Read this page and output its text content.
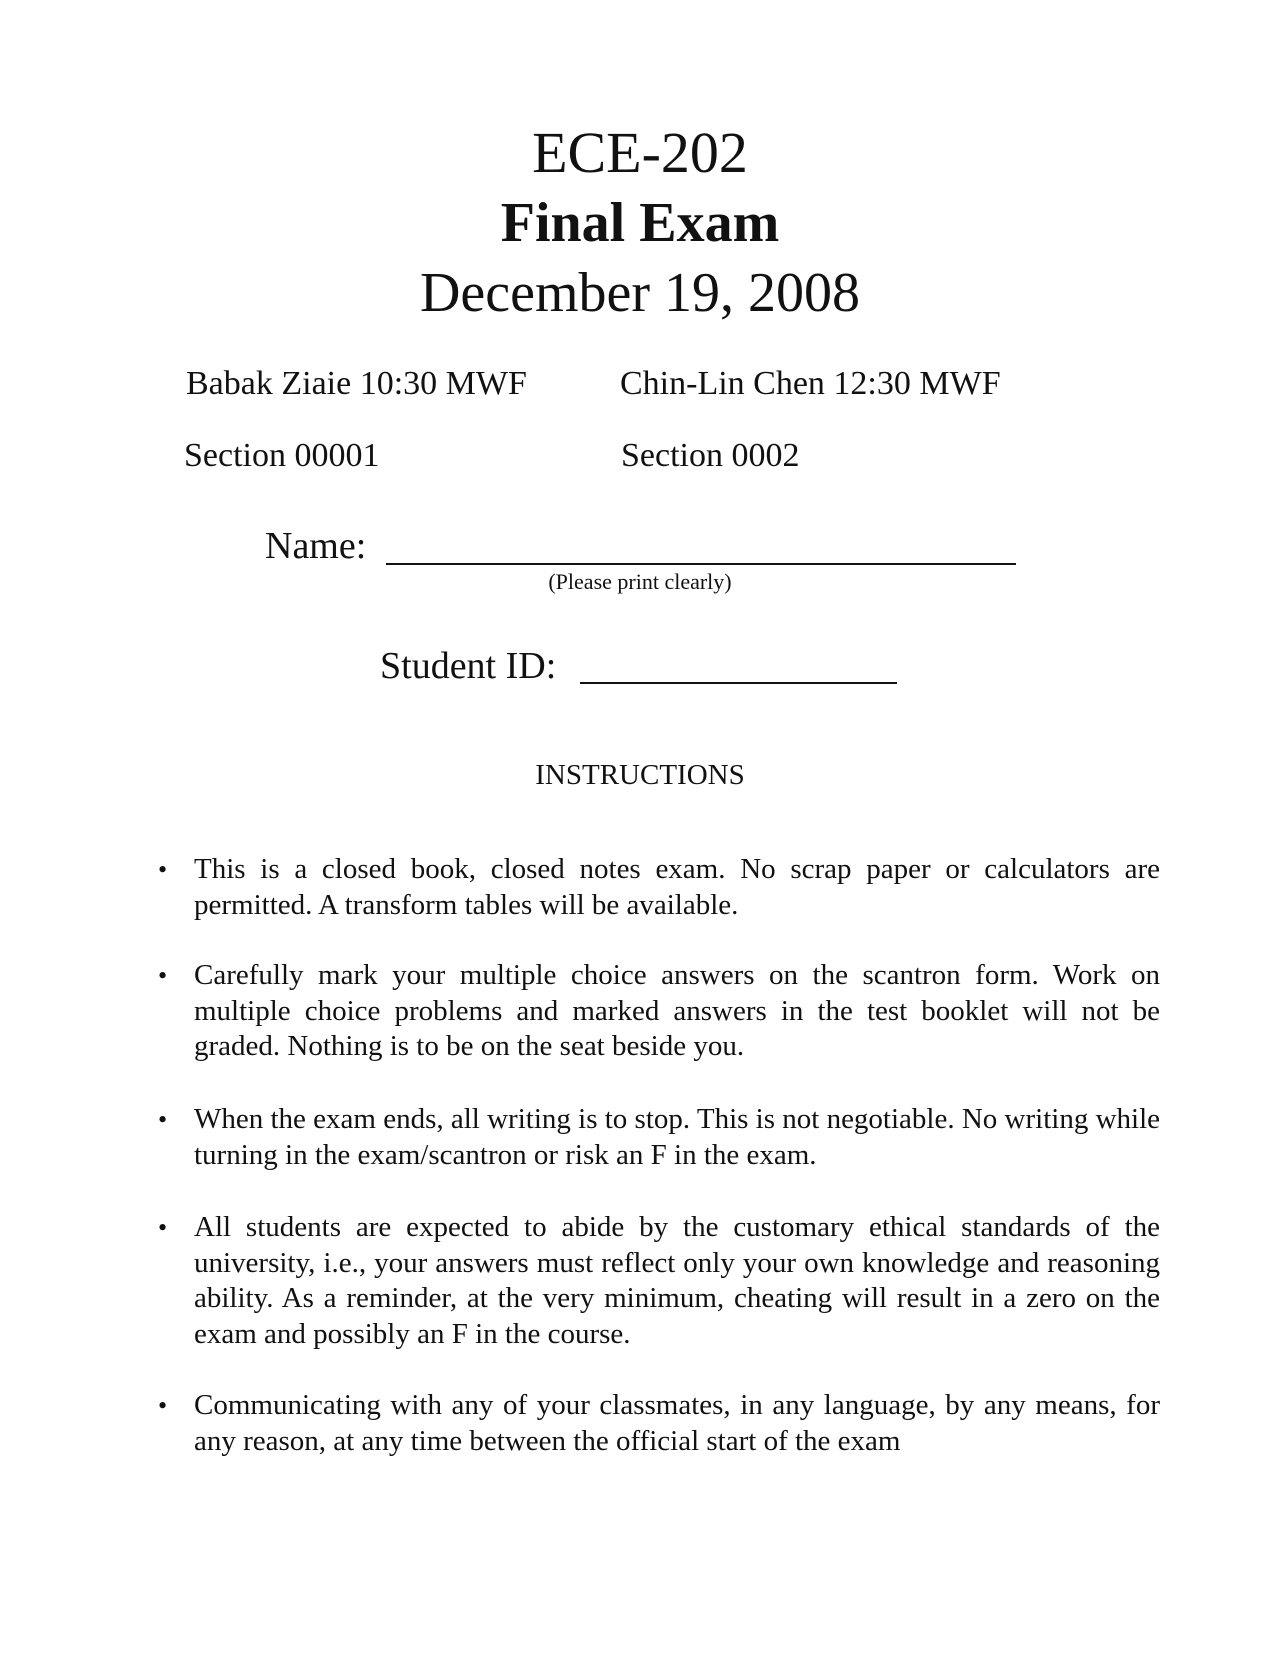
ECE-202
Final Exam
December 19, 2008
Babak Ziaie 10:30 MWF	Chin-Lin Chen 12:30 MWF
Section 00001	Section 0002
Name:
(Please print clearly)
Student ID:
INSTRUCTIONS
• This is a closed book, closed notes exam. No scrap paper or calculators are permitted. A transform tables will be available.
• Carefully mark your multiple choice answers on the scantron form. Work on multiple choice problems and marked answers in the test booklet will not be graded. Nothing is to be on the seat beside you.
• When the exam ends, all writing is to stop. This is not negotiable. No writing while turning in the exam/scantron or risk an F in the exam.
• All students are expected to abide by the customary ethical standards of the university, i.e., your answers must reflect only your own knowledge and reasoning ability. As a reminder, at the very minimum, cheating will result in a zero on the exam and possibly an F in the course.
• Communicating with any of your classmates, in any language, by any means, for any reason, at any time between the official start of the exam
